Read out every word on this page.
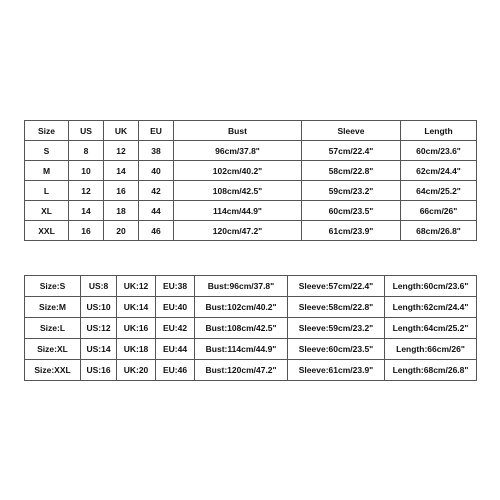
Size	US	UK	EU	Bust	Sleeve	Length
S	8	12	38	96cm/37.8"	57cm/22.4"	60cm/23.6"
M	10	14	40	102cm/40.2"	58cm/22.8"	62cm/24.4"
L	12	16	42	108cm/42.5"	59cm/23.2"	64cm/25.2"
XL	14	18	44	114cm/44.9"	60cm/23.5"	66cm/26"
XXL	16	20	46	120cm/47.2"	61cm/23.9"	68cm/26.8"
Size:S	US:8	UK:12	EU:38	Bust:96cm/37.8"	Sleeve:57cm/22.4"	Length:60cm/23.6"
Size:M	US:10	UK:14	EU:40	Bust:102cm/40.2"	Sleeve:58cm/22.8"	Length:62cm/24.4"
Size:L	US:12	UK:16	EU:42	Bust:108cm/42.5"	Sleeve:59cm/23.2"	Length:64cm/25.2"
Size:XL	US:14	UK:18	EU:44	Bust:114cm/44.9"	Sleeve:60cm/23.5"	Length:66cm/26"
Size:XXL	US:16	UK:20	EU:46	Bust:120cm/47.2"	Sleeve:61cm/23.9"	Length:68cm/26.8"
